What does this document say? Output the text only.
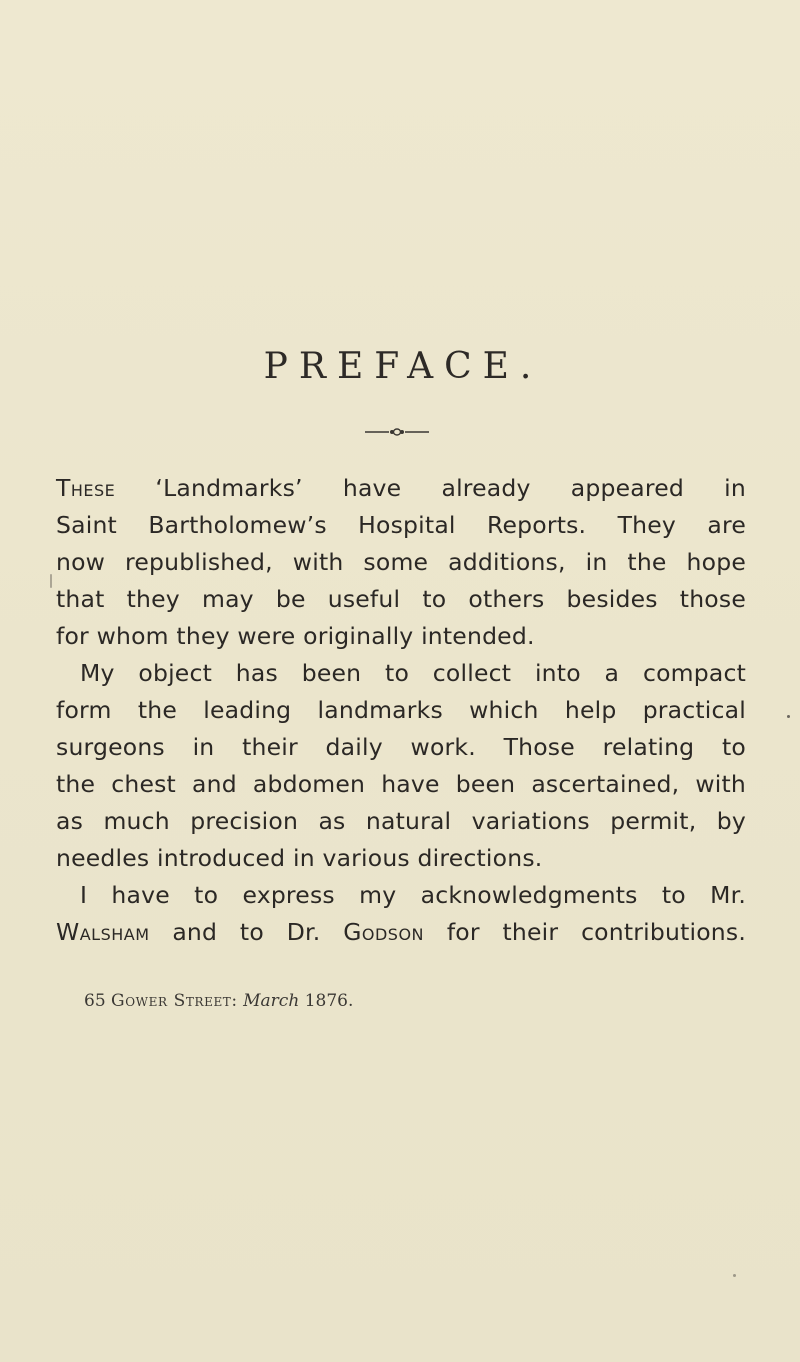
PREFACE.
These ‘Landmarks’ have already appeared in
Saint Bartholomew’s Hospital Reports. They are
now republished, with some additions, in the hope
that they may be useful to others besides those
for whom they were originally intended.
My object has been to collect into a compact
form the leading landmarks which help practical
surgeons in their daily work. Those relating to
the chest and abdomen have been ascertained, with
as much precision as natural variations permit, by
needles introduced in various directions.
I have to express my acknowledgments to Mr.
Walsham and to Dr. Godson for their contributions.
65 Gower Street: March 1876.
